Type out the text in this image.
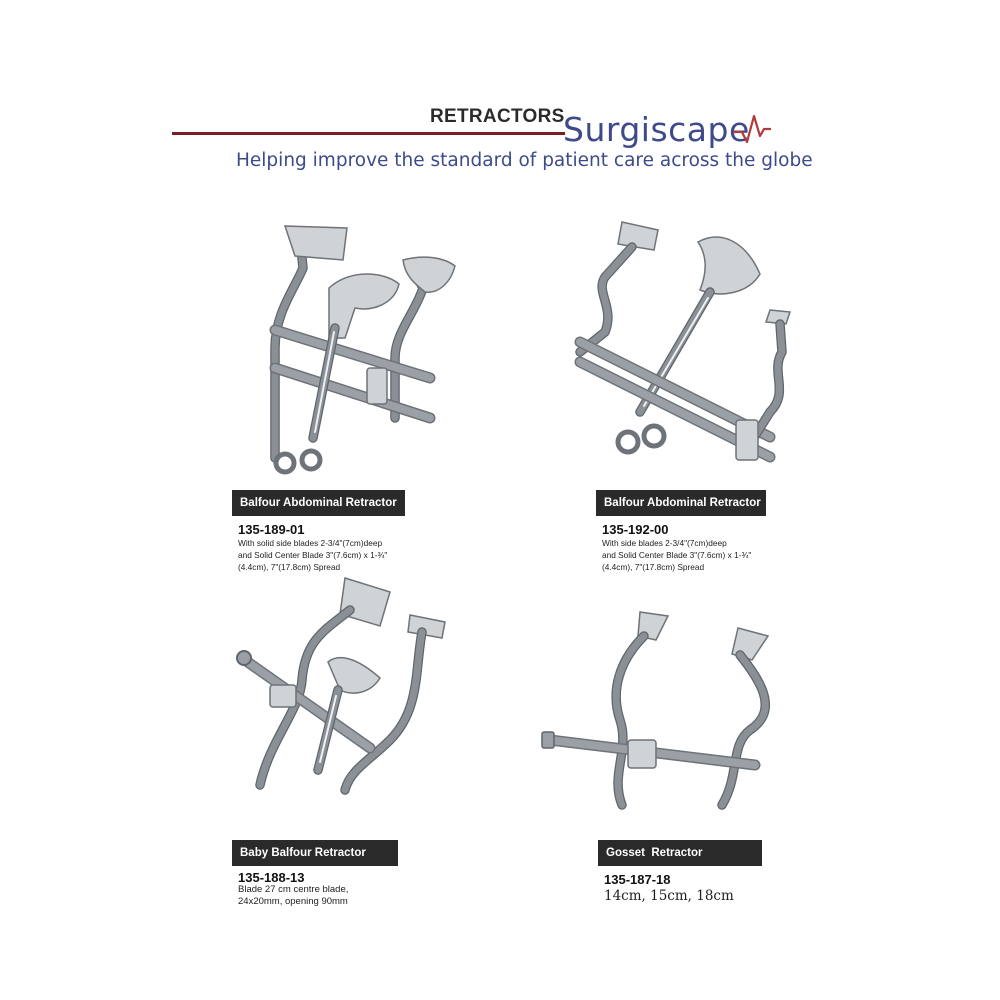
RETRACTORS
Surgiscape
Helping improve the standard of patient care across the globe
Balfour Abdominal Retractor
135-189-01
With solid side blades 2-3/4"(7cm)deep
and Solid Center Blade 3"(7.6cm) x 1-¾"
(4.4cm), 7"(17.8cm) Spread
Balfour Abdominal Retractor
135-192-00
With side blades 2-3/4"(7cm)deep
and Solid Center Blade 3"(7.6cm) x 1-¾"
(4.4cm), 7"(17.8cm) Spread
Baby Balfour Retractor
135-188-13
Blade 27 cm centre blade,
24x20mm, opening 90mm
Gosset  Retractor
135-187-18
14cm, 15cm, 18cm
